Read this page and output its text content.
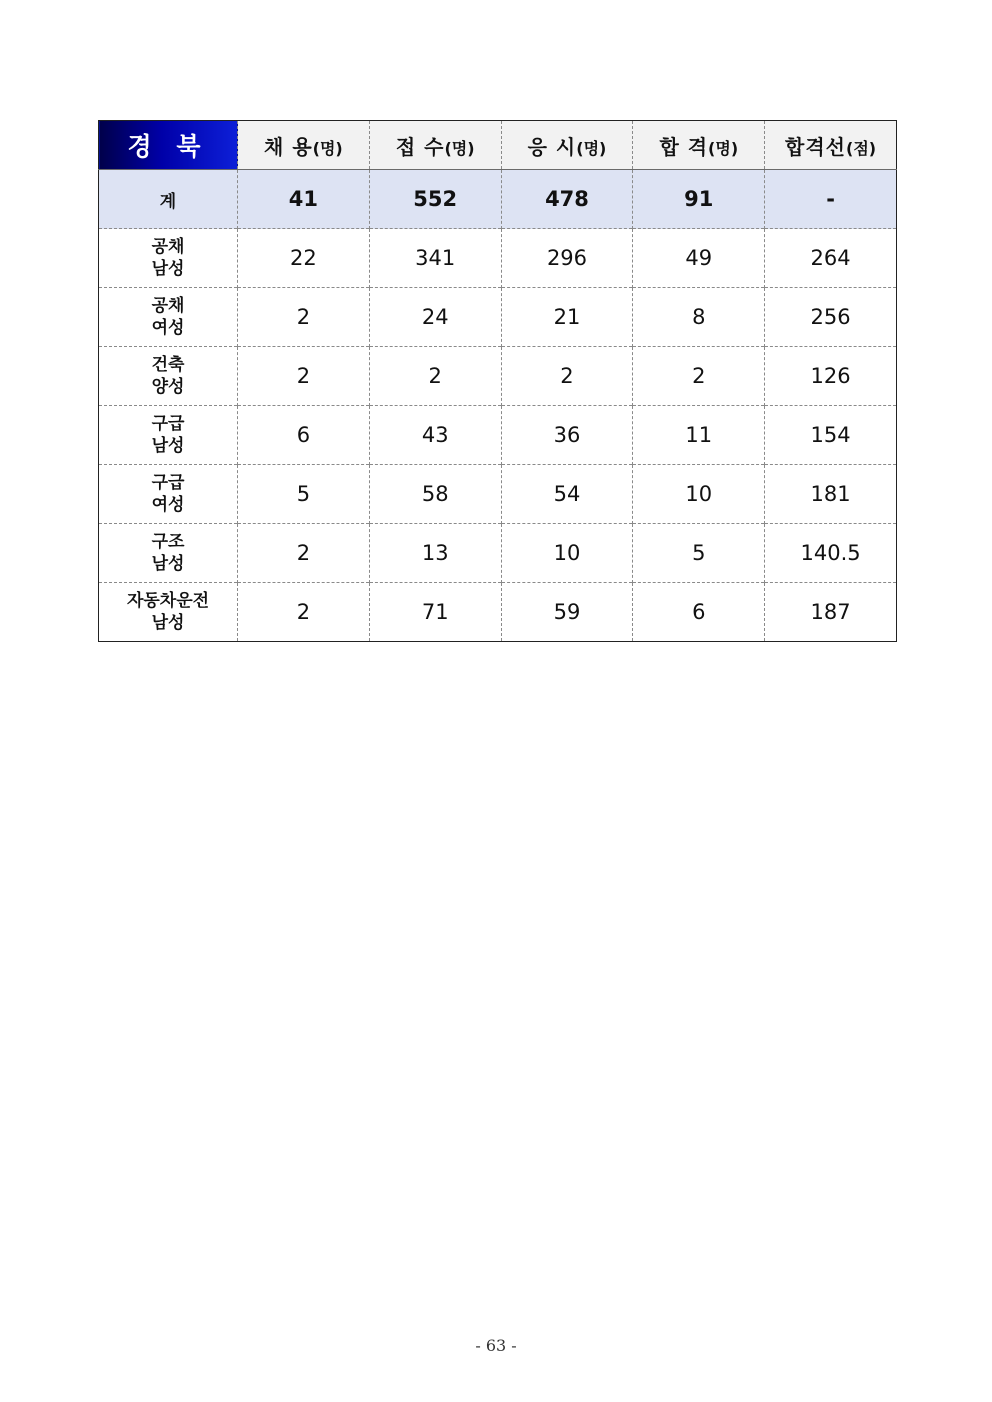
경 북	채 용(명)	접 수(명)	응 시(명)	합 격(명)	합격선(점)
계	41	552	478	91	-

공채
남성	22	341	296	49	264

공채
여성	2	24	21	8	256

건축
양성	2	2	2	2	126

구급
남성	6	43	36	11	154

구급
여성	5	58	54	10	181

구조
남성	2	13	10	5	140.5

자동차운전
남성	2	71	59	6	187
- 63 -
